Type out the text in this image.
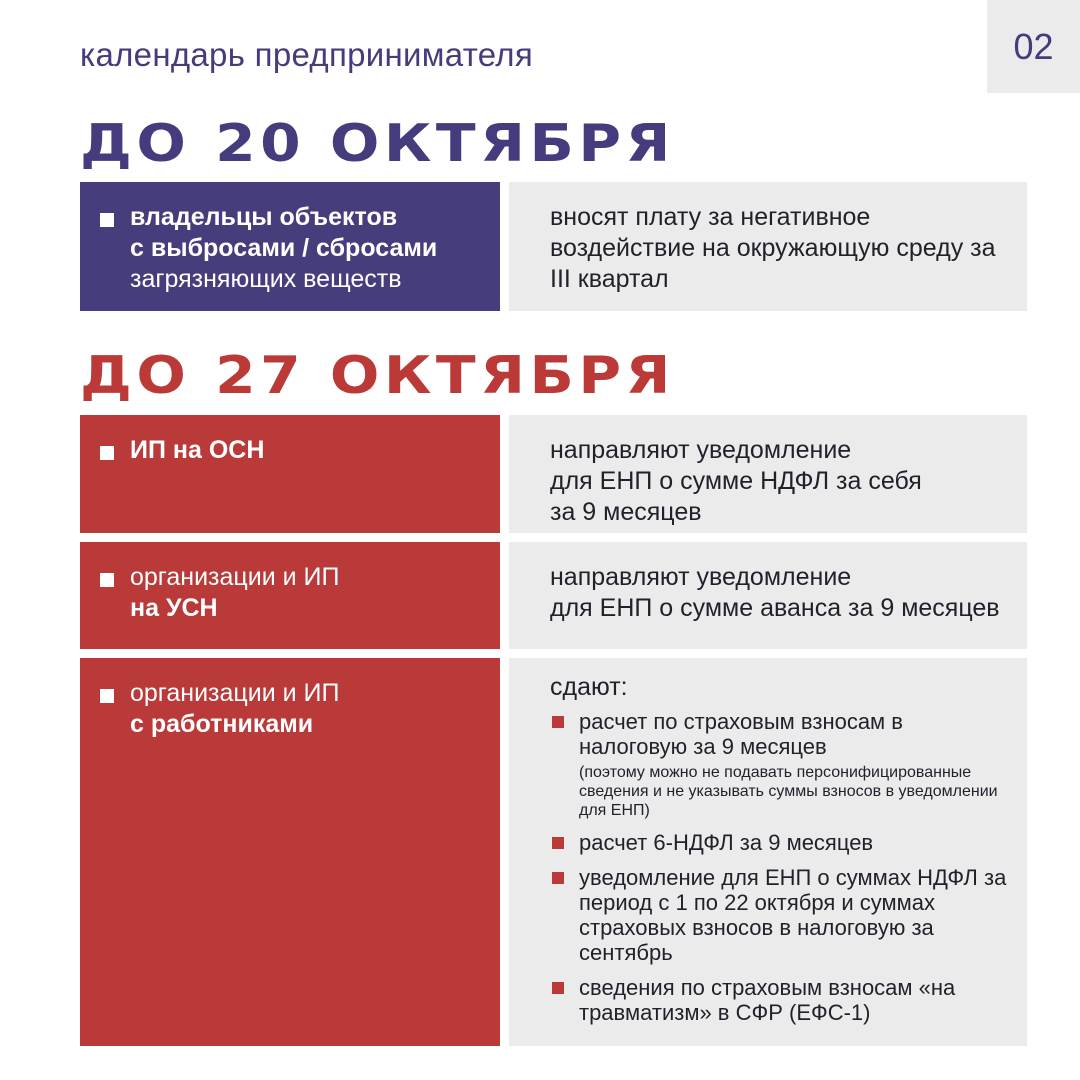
календарь предпринимателя	02
ДО 20 ОКТЯБРЯ
владельцы объектов
с выбросами / сбросами
загрязняющих веществ
вносят плату за негативное воздействие на окружающую среду за III квартал
ДО 27 ОКТЯБРЯ
ИП на ОСН	направляют уведомление
для ЕНП о сумме НДФЛ за себя
за 9 месяцев
организации и ИП
на УСН
направляют уведомление
для ЕНП о сумме аванса за 9 месяцев
организации и ИП
с работниками
сдают:
расчет по страховым взносам в налоговую за 9 месяцев
(поэтому можно не подавать персонифицированные сведения и не указывать суммы взносов в уведомлении для ЕНП)
расчет 6-НДФЛ за 9 месяцев
уведомление для ЕНП о суммах НДФЛ за период с 1 по 22 октября и суммах страховых взносов в налоговую за сентябрь
сведения по страховым взносам «на травматизм» в СФР (ЕФС-1)
